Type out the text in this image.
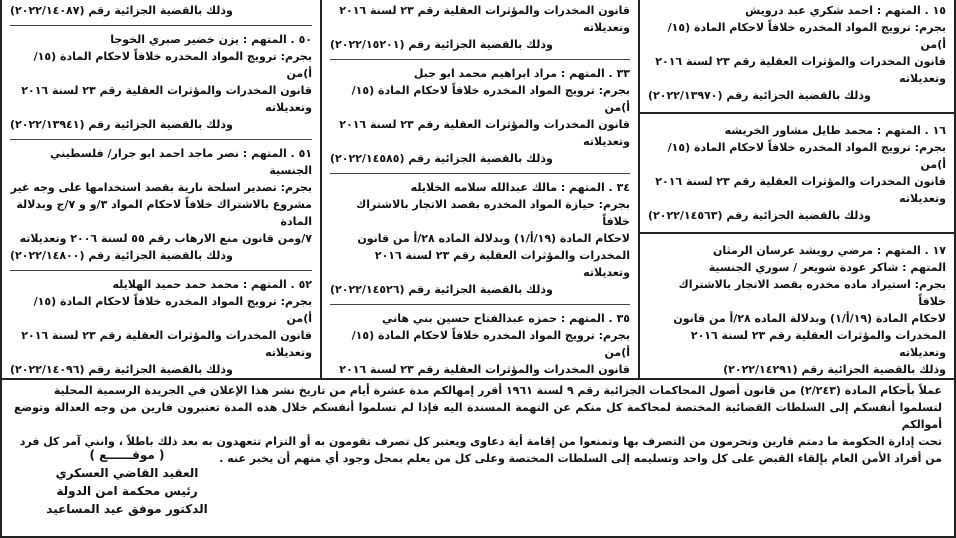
١٥ . المتهم : احمد شكري عبد درويش
بجرم: ترويج المواد المخدره خلافاً لاحكام المادة (١٥/أ)من
قانون المخدرات والمؤثرات العقلية رقم ٢٣ لسنة ٢٠١٦
وتعديلاته
وذلك بالقضية الجزائية رقم (٢٠٢٢/١٣٩٧٠)
١٦ . المتهم : محمد طايل مشاور الخريشه
بجرم: ترويج المواد المخدره خلافاً لاحكام المادة (١٥/أ)من
قانون المخدرات والمؤثرات العقلية رقم ٢٣ لسنة ٢٠١٦
وتعديلاته
وذلك بالقضية الجزائية رقم (٢٠٢٢/١٤٥٦٣)
١٧ . المتهم : مرضي رويشد عرسان الرمثان
المتهم : شاكر عودة شويعر / سوري الجنسية
بجرم: استيراد ماده مخدره بقصد الاتجار بالاشتراك خلافاً
لاحكام المادة (١٩/أ/١) وبدلالة الماده ٢٨/أ من قانون
المخدرات والمؤثرات العقلية رقم ٢٣ لسنة ٢٠١٦ وتعديلاته
وذلك بالقضية الجزائية رقم (٢٠٢٢/١٤٢٩١)
قانون المخدرات والمؤثرات العقلية رقم ٢٣ لسنة ٢٠١٦
وتعديلاته
وذلك بالقضية الجزائية رقم (٢٠٢٢/١٥٢٠١)
٣٣ . المتهم : مراد ابراهيم محمد ابو جبل
بجرم: ترويج المواد المخدره خلافاً لاحكام المادة (١٥/أ)من
قانون المخدرات والمؤثرات العقلية رقم ٢٣ لسنة ٢٠١٦
وتعديلاته
وذلك بالقضية الجزائية رقم (٢٠٢٢/١٤٥٨٥)
٣٤ . المتهم : مالك عبدالله سلامه الخلايله
بجرم: حيازة المواد المخدره بقصد الاتجار بالاشتراك خلافاً
لاحكام المادة (١٩/أ/١) وبدلالة الماده ٢٨/أ من قانون
المخدرات والمؤثرات العقلية رقم ٢٣ لسنة ٢٠١٦ وتعديلاته
وذلك بالقضية الجزائية رقم (٢٠٢٢/١٤٥٢٦)
٣٥ . المتهم : حمزه عبدالفتاح حسين بني هاني
بجرم: ترويج المواد المخدره خلافاً لاحكام المادة (١٥/أ)من
قانون المخدرات والمؤثرات العقلية رقم ٢٣ لسنة ٢٠١٦
وذلك بالقضية الجزائية رقم (٢٠٢٢/١٤٠٨٧)
٥٠ . المتهم : يزن خضير صبري الخوجا
بجرم: ترويج المواد المخدره خلافاً لاحكام المادة (١٥/أ)من
قانون المخدرات والمؤثرات العقلية رقم ٢٣ لسنة ٢٠١٦
وتعديلاته
وذلك بالقضية الجزائية رقم (٢٠٢٢/١٣٩٤١)
٥١ . المتهم : نصر ماجد احمد ابو جرار/ فلسطيني الجنسية
بجرم: تصدير اسلحة نارية بقصد استخدامها على وجه غير
مشروع بالاشتراك خلافاً لاحكام المواد ٣/و و ٧/ج وبدلالة المادة
٧/ومن قانون منع الارهاب رقم ٥٥ لسنة ٢٠٠٦ وتعديلاته
وذلك بالقضية الجزائية رقم (٢٠٢٢/١٤٨٠٠)
٥٢ . المتهم : محمد حمد حميد الهلايله
بجرم: ترويج المواد المخدره خلافاً لاحكام المادة (١٥/أ)من
قانون المخدرات والمؤثرات العقلية رقم ٢٣ لسنة ٢٠١٦
وتعديلاته
وذلك بالقضية الجزائية رقم (٢٠٢٢/١٤٠٩٦)
عملاً بأحكام المادة (٢/٢٤٣) من قانون أصول المحاكمات الجزائية رقم ٩ لسنة ١٩٦١ أقرر إمهالكم مدة عشرة أيام من تاريخ نشر هذا الإعلان في الجريدة الرسمية المحلية
لتسلموا أنفسكم إلى السلطات القضائية المختصة لمحاكمة كل منكم عن التهمة المسندة اليه فإذا لم تسلموا أنفسكم خلال هذه المدة تعتبرون فارين من وجه العدالة وتوضع أموالكم
تحت إدارة الحكومة ما دمتم فارين وتحرمون من التصرف بها وتمنعوا من إقامة أية دعاوى ويعتبر كل تصرف تقومون به أو التزام تتعهدون به بعد ذلك باطلاً ، وانني آمر كل فرد
من أفراد الأمن العام بإلقاء القبض على كل واحد وتسليمه إلى السلطات المختصة وعلى كل من يعلم بمحل وجود أي منهم أن يخبر عنه .
( موقــــــع )
العقيد القاضي العسكري
رئيس محكمة امن الدولة
الدكتور موفق عيد المساعيد
